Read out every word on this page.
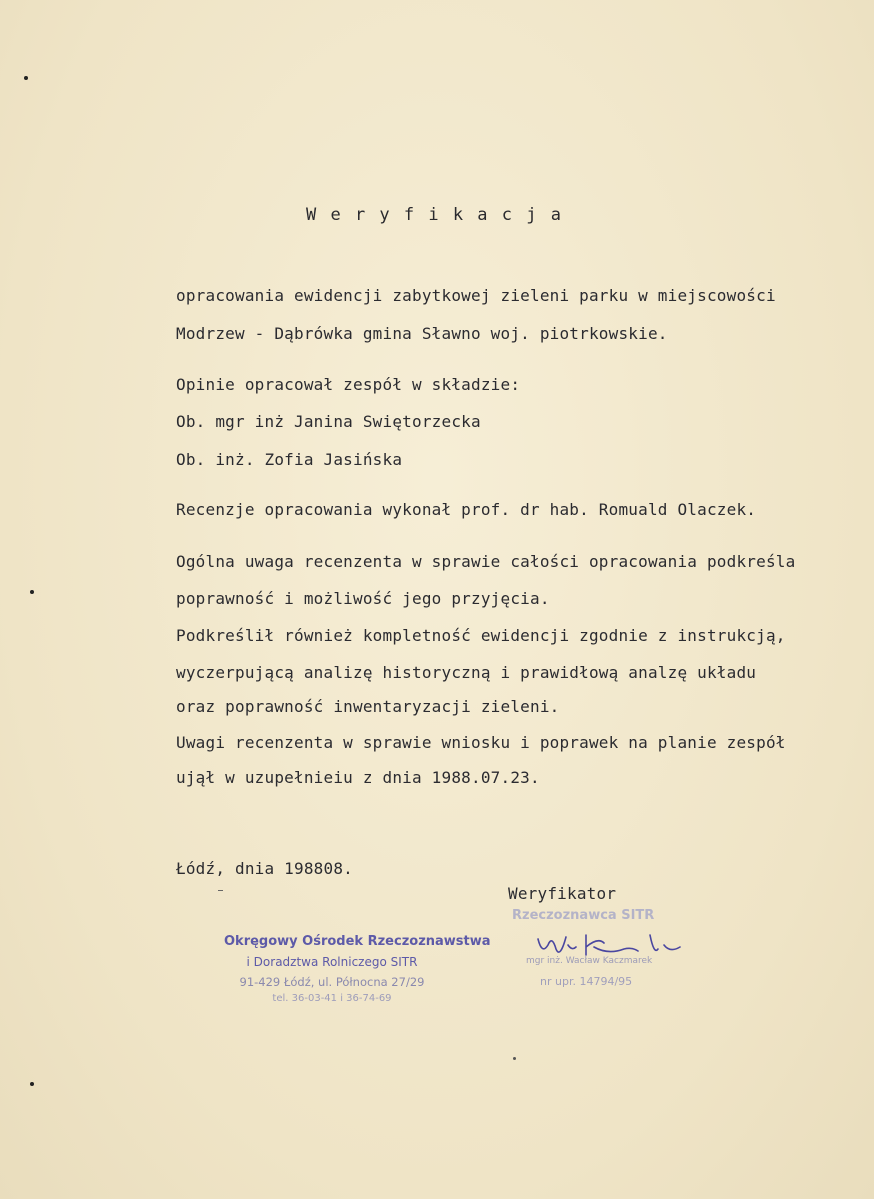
W e r y f i k a c j a
opracowania ewidencji zabytkowej zieleni parku w miejscowości
Modrzew - Dąbrówka gmina Sławno woj. piotrkowskie.
Opinie opracował zespół w składzie:
Ob. mgr inż Janina Swiętorzecka
Ob. inż. Zofia Jasińska
Recenzje opracowania wykonał prof. dr hab. Romuald Olaczek.
Ogólna uwaga recenzenta w sprawie całości opracowania podkreśla
poprawność i możliwość jego przyjęcia.
Podkreślił również kompletność ewidencji zgodnie z instrukcją,
wyczerpującą analizę historyczną i prawidłową analzę układu
oraz poprawność inwentaryzacji zieleni.
Uwagi recenzenta w sprawie wniosku i poprawek na planie zespół
ujął w uzupełnieiu z dnia 1988.07.23.
Łódź, dnia 198808.
Weryfikator
Okręgowy Ośrodek Rzeczoznawstwa
i Doradztwa Rolniczego SITR
91-429 Łódź, ul. Północna 27/29
tel. 36-03-41 i 36-74-69
Rzeczoznawca SITR
mgr inż. Wacław Kaczmarek
nr upr. 14794/95
